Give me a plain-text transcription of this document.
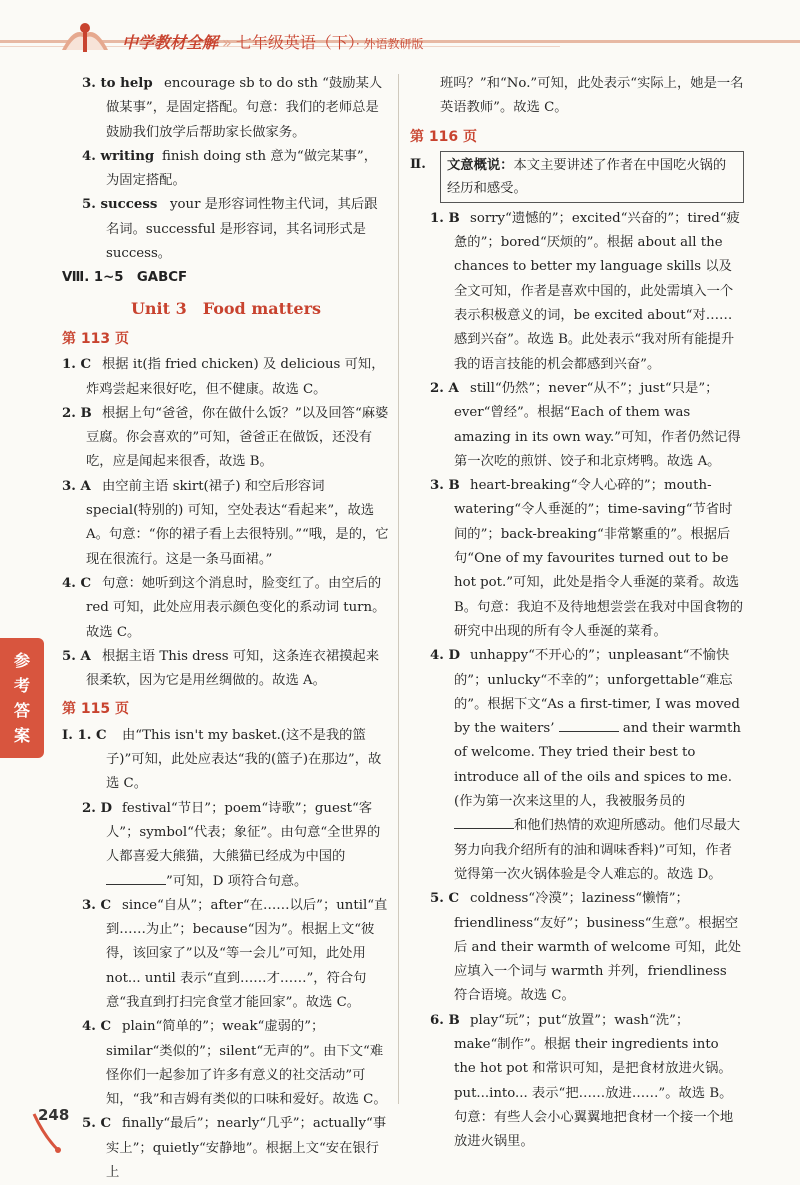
中学教材全解 » 七年级英语（下）· 外语教研版
3. to help encourage sb to do sth “鼓励某人做某事”，是固定搭配。句意：我们的老师总是鼓励我们放学后帮助家长做家务。
4. writing finish doing sth 意为“做完某事”，为固定搭配。
5. success your 是形容词性物主代词，其后跟名词。successful 是形容词，其名词形式是 success。
Ⅷ. 1~5　GABCF
Unit 3　Food matters
第 113 页
1. C 根据 it(指 fried chicken) 及 delicious 可知，炸鸡尝起来很好吃，但不健康。故选 C。
2. B 根据上句“爸爸，你在做什么饭？”以及回答“麻婆豆腐。你会喜欢的”可知，爸爸正在做饭，还没有吃，应是闻起来很香，故选 B。
3. A 由空前主语 skirt(裙子) 和空后形容词 special(特别的) 可知，空处表达“看起来”，故选 A。句意：“你的裙子看上去很特别。”“哦，是的，它现在很流行。这是一条马面裙。”
4. C 句意：她听到这个消息时，脸变红了。由空后的 red 可知，此处应用表示颜色变化的系动词 turn。故选 C。
5. A 根据主语 This dress 可知，这条连衣裙摸起来很柔软，因为它是用丝绸做的。故选 A。
第 115 页
Ⅰ. 1. C 由“This isn't my basket.(这不是我的篮子)”可知，此处应表达“我的(篮子)在那边”，故选 C。
2. D festival“节日”；poem“诗歌”；guest“客人”；symbol“代表；象征”。由句意“全世界的人都喜爱大熊猫，大熊猫已经成为中国的”可知，D 项符合句意。
3. C since“自从”；after“在……以后”；until“直到……为止”；because“因为”。根据上文“彼得，该回家了”以及“等一会儿”可知，此处用 not... until 表示“直到……才……”，符合句意“我直到打扫完食堂才能回家”。故选 C。
4. C plain“简单的”；weak“虚弱的”；similar“类似的”；silent“无声的”。由下文“难怪你们一起参加了许多有意义的社交活动”可知，“我”和吉姆有类似的口味和爱好。故选 C。
5. C finally“最后”；nearly“几乎”；actually“事实上”；quietly“安静地”。根据上文“安在银行上
班吗？”和“No.”可知，此处表示“实际上，她是一名英语教师”。故选 C。
第 116 页
Ⅱ.	文意概说：本文主要讲述了作者在中国吃火锅的经历和感受。
1. B sorry“遗憾的”；excited“兴奋的”；tired“疲惫的”；bored“厌烦的”。根据 about all the chances to better my language skills 以及全文可知，作者是喜欢中国的，此处需填入一个表示积极意义的词，be excited about“对……感到兴奋”。故选 B。此处表示“我对所有能提升我的语言技能的机会都感到兴奋”。
2. A still“仍然”；never“从不”；just“只是”；ever“曾经”。根据“Each of them was amazing in its own way.”可知，作者仍然记得第一次吃的煎饼、饺子和北京烤鸭。故选 A。
3. B heart-breaking“令人心碎的”；mouth-watering“令人垂涎的”；time-saving“节省时间的”；back-breaking“非常繁重的”。根据后句“One of my favourites turned out to be hot pot.”可知，此处是指令人垂涎的菜肴。故选 B。句意：我迫不及待地想尝尝在我对中国食物的研究中出现的所有令人垂涎的菜肴。
4. D unhappy“不开心的”；unpleasant“不愉快的”；unlucky“不幸的”；unforgettable“难忘的”。根据下文“As a first-timer, I was moved by the waiters’	and their warmth of welcome. They tried their best to introduce all of the oils and spices to me.(作为第一次来这里的人，我被服务员的和他们热情的欢迎所感动。他们尽最大努力向我介绍所有的油和调味香料)”可知，作者觉得第一次火锅体验是令人难忘的。故选 D。
5. C coldness“冷漠”；laziness“懒惰”；friendliness“友好”；business“生意”。根据空后 and their warmth of welcome 可知，此处应填入一个词与 warmth 并列，friendliness 符合语境。故选 C。
6. B play“玩”；put“放置”；wash“洗”；make“制作”。根据 their ingredients into the hot pot 和常识可知，是把食材放进火锅。put...into... 表示“把……放进……”。故选 B。句意：有些人会小心翼翼地把食材一个接一个地放进火锅里。
参
考
答
案
248
